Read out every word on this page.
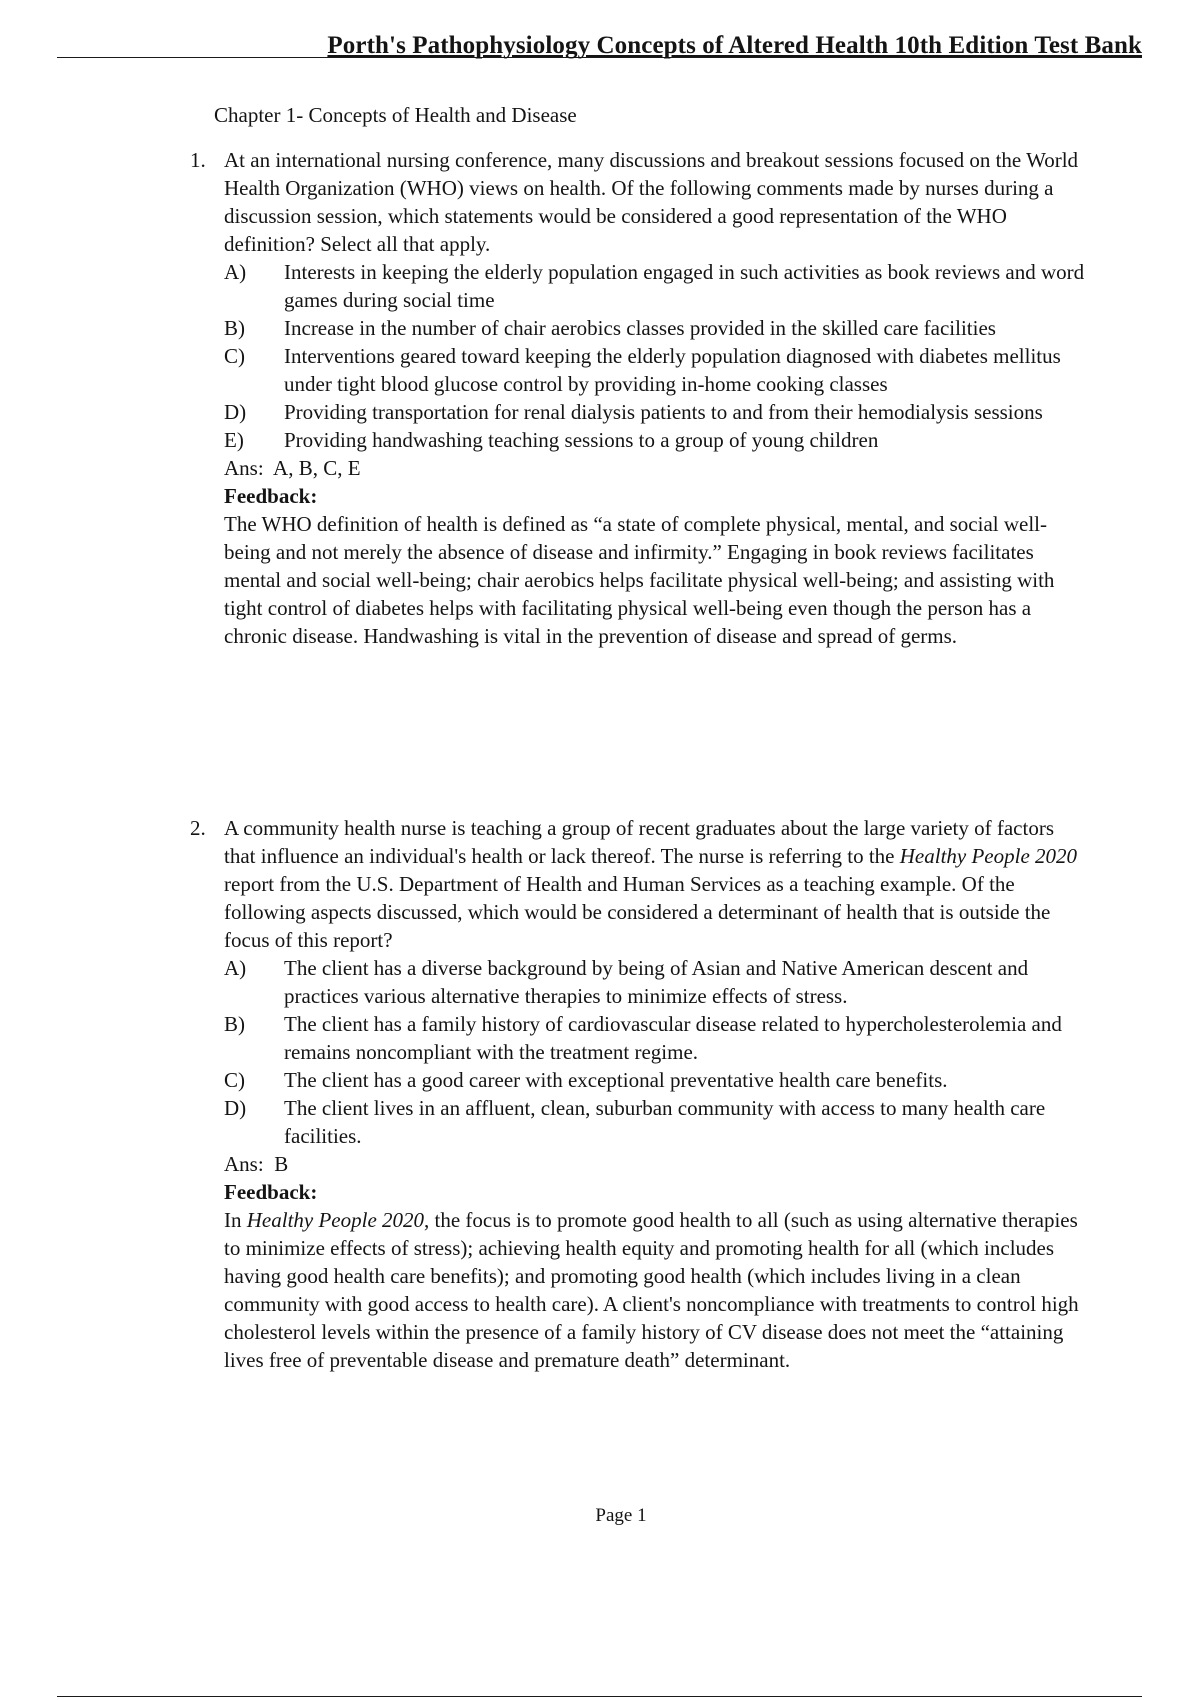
Porth's Pathophysiology Concepts of Altered Health 10th Edition Test Bank
Chapter 1- Concepts of Health and Disease
1. At an international nursing conference, many discussions and breakout sessions focused on the World Health Organization (WHO) views on health. Of the following comments made by nurses during a discussion session, which statements would be considered a good representation of the WHO definition? Select all that apply.
A)	Interests in keeping the elderly population engaged in such activities as book reviews and word games during social time
B)	Increase in the number of chair aerobics classes provided in the skilled care facilities
C)	Interventions geared toward keeping the elderly population diagnosed with diabetes mellitus under tight blood glucose control by providing in-home cooking classes
D)	Providing transportation for renal dialysis patients to and from their hemodialysis sessions
E)	Providing handwashing teaching sessions to a group of young children
Ans: A, B, C, E
Feedback:
The WHO definition of health is defined as “a state of complete physical, mental, and social well-being and not merely the absence of disease and infirmity.” Engaging in book reviews facilitates mental and social well-being; chair aerobics helps facilitate physical well-being; and assisting with tight control of diabetes helps with facilitating physical well-being even though the person has a chronic disease. Handwashing is vital in the prevention of disease and spread of germs.
2. A community health nurse is teaching a group of recent graduates about the large variety of factors that influence an individual's health or lack thereof. The nurse is referring to the Healthy People 2020 report from the U.S. Department of Health and Human Services as a teaching example. Of the following aspects discussed, which would be considered a determinant of health that is outside the focus of this report?
A)	The client has a diverse background by being of Asian and Native American descent and practices various alternative therapies to minimize effects of stress.
B)	The client has a family history of cardiovascular disease related to hypercholesterolemia and remains noncompliant with the treatment regime.
C)	The client has a good career with exceptional preventative health care benefits.
D)	The client lives in an affluent, clean, suburban community with access to many health care facilities.
Ans: B
Feedback:
In Healthy People 2020, the focus is to promote good health to all (such as using alternative therapies to minimize effects of stress); achieving health equity and promoting health for all (which includes having good health care benefits); and promoting good health (which includes living in a clean community with good access to health care). A client's noncompliance with treatments to control high cholesterol levels within the presence of a family history of CV disease does not meet the “attaining lives free of preventable disease and premature death” determinant.
Page 1
